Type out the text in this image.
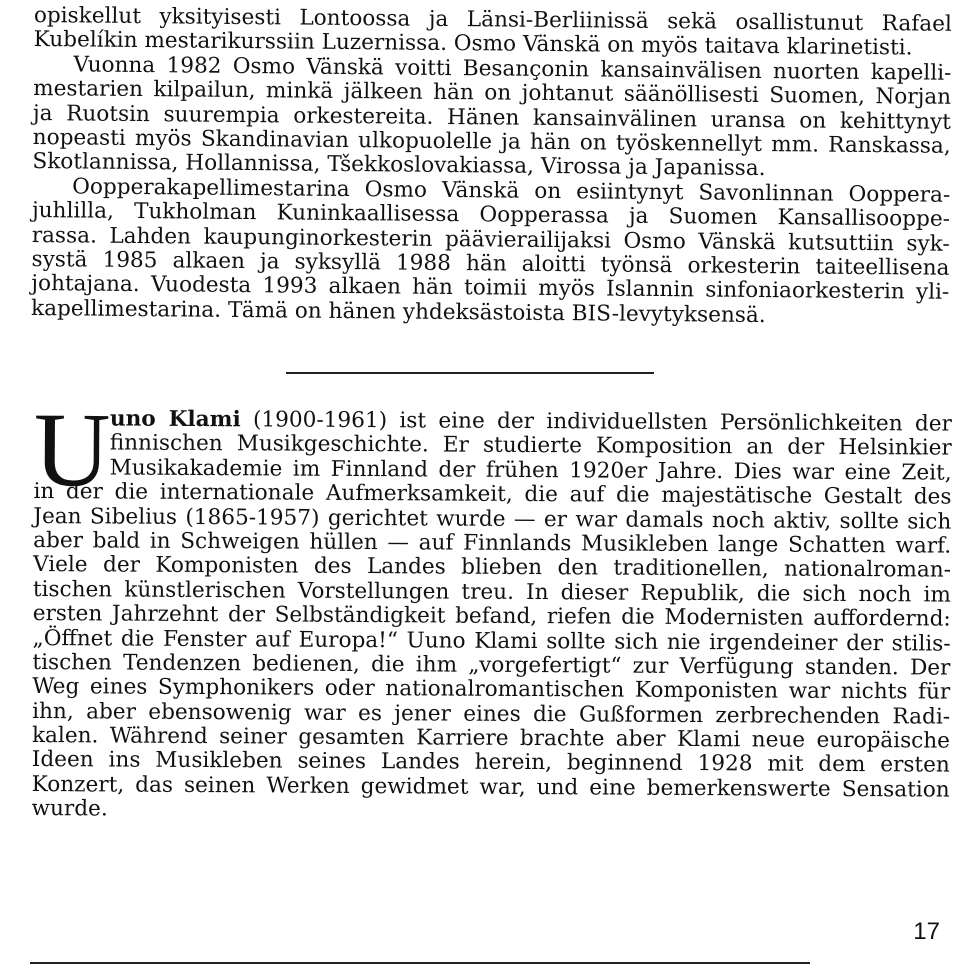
opiskellut yksityisesti Lontoossa ja Länsi-Berliinissä sekä osallistunut Rafael
Kubelíkin mestarikurssiin Luzernissa. Osmo Vänskä on myös taitava klarinetisti.
Vuonna 1982 Osmo Vänskä voitti Besançonin kansainvälisen nuorten kapelli-
mestarien kilpailun, minkä jälkeen hän on johtanut säänöllisesti Suomen, Norjan
ja Ruotsin suurempia orkestereita. Hänen kansainvälinen uransa on kehittynyt
nopeasti myös Skandinavian ulkopuolelle ja hän on työskennellyt mm. Ranskassa,
Skotlannissa, Hollannissa, Tšekkoslovakiassa, Virossa ja Japanissa.
Oopperakapellimestarina Osmo Vänskä on esiintynyt Savonlinnan Oopperа-
juhlilla, Tukholman Kuninkaallisessa Oopperassa ja Suomen Kansallisooppe-
rassa. Lahden kaupunginorkesterin päävierailijaksi Osmo Vänskä kutsuttiin syk-
systä 1985 alkaen ja syksyllä 1988 hän aloitti työnsä orkesterin taiteellisena
johtajana. Vuodesta 1993 alkaen hän toimii myös Islannin sinfoniaorkesterin yli-
kapellimestarina. Tämä on hänen yhdeksästoista BIS-levytyksensä.
U uno Klami (1900-1961) ist eine der individuellsten Persönlichkeiten der
finnischen Musikgeschichte. Er studierte Komposition an der Helsinkier
Musikakademie im Finnland der frühen 1920er Jahre. Dies war eine Zeit,
in der die internationale Aufmerksamkeit, die auf die majestätische Gestalt des
Jean Sibelius (1865-1957) gerichtet wurde — er war damals noch aktiv, sollte sich
aber bald in Schweigen hüllen — auf Finnlands Musikleben lange Schatten warf.
Viele der Komponisten des Landes blieben den traditionellen, nationalroman-
tischen künstlerischen Vorstellungen treu. In dieser Republik, die sich noch im
ersten Jahrzehnt der Selbständigkeit befand, riefen die Modernisten auffordernd:
„Öffnet die Fenster auf Europa!“ Uuno Klami sollte sich nie irgendeiner der stilis-
tischen Tendenzen bedienen, die ihm „vorgefertigt“ zur Verfügung standen. Der
Weg eines Symphonikers oder nationalromantischen Komponisten war nichts für
ihn, aber ebensowenig war es jener eines die Gußformen zerbrechenden Radi-
kalen. Während seiner gesamten Karriere brachte aber Klami neue europäische
Ideen ins Musikleben seines Landes herein, beginnend 1928 mit dem ersten
Konzert, das seinen Werken gewidmet war, und eine bemerkenswerte Sensation
wurde.
17
